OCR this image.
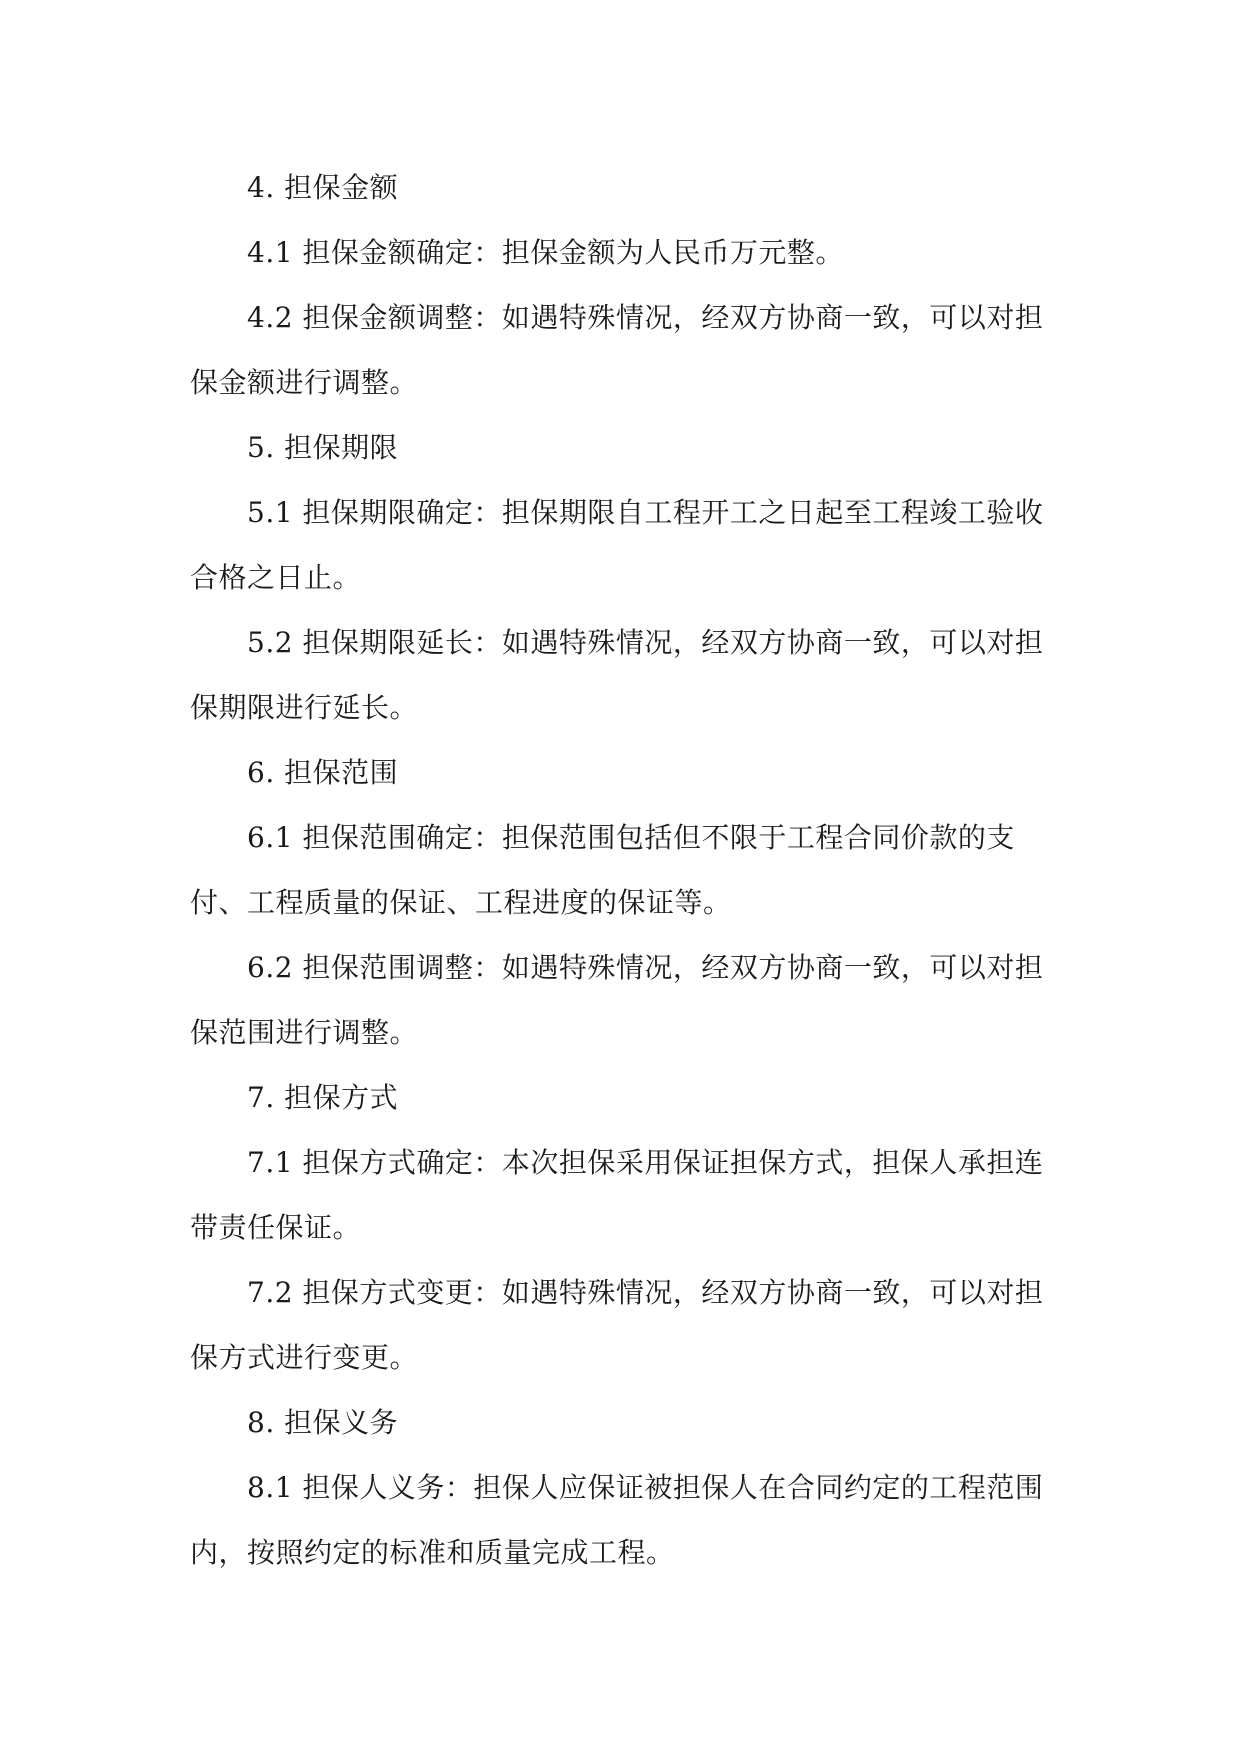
4. 担保金额

4.1 担保金额确定：担保金额为人民币万元整。

4.2 担保金额调整：如遇特殊情况，经双方协商一致，可以对担保金额进行调整。

5. 担保期限

5.1 担保期限确定：担保期限自工程开工之日起至工程竣工验收合格之日止。

5.2 担保期限延长：如遇特殊情况，经双方协商一致，可以对担保期限进行延长。

6. 担保范围

6.1 担保范围确定：担保范围包括但不限于工程合同价款的支付、工程质量的保证、工程进度的保证等。

6.2 担保范围调整：如遇特殊情况，经双方协商一致，可以对担保范围进行调整。

7. 担保方式

7.1 担保方式确定：本次担保采用保证担保方式，担保人承担连带责任保证。

7.2 担保方式变更：如遇特殊情况，经双方协商一致，可以对担保方式进行变更。

8. 担保义务

8.1 担保人义务：担保人应保证被担保人在合同约定的工程范围内，按照约定的标准和质量完成工程。
